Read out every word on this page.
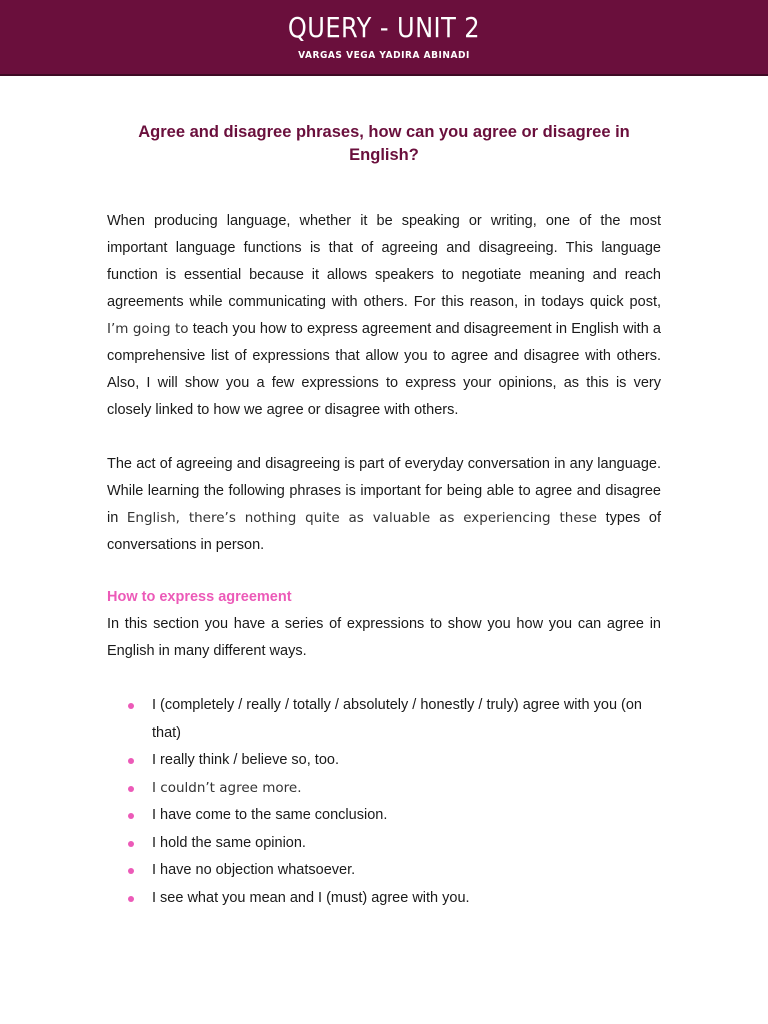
QUERY - UNIT 2
VARGAS VEGA YADIRA ABINADI
Agree and disagree phrases, how can you agree or disagree in English?

When producing language, whether it be speaking or writing, one of the most important language functions is that of agreeing and disagreeing. This language function is essential because it allows speakers to negotiate meaning and reach agreements while communicating with others. For this reason, in todays quick post, I’m going to teach you how to express agreement and disagreement in English with a comprehensive list of expressions that allow you to agree and disagree with others. Also, I will show you a few expressions to express your opinions, as this is very closely linked to how we agree or disagree with others.

The act of agreeing and disagreeing is part of everyday conversation in any language. While learning the following phrases is important for being able to agree and disagree in English, there’s nothing quite as valuable as experiencing these types of conversations in person.

How to express agreement

In this section you have a series of expressions to show you how you can agree in English in many different ways.

I (completely / really / totally / absolutely / honestly / truly) agree with you (on that)
I really think / believe so, too.
I couldn’t agree more.
I have come to the same conclusion.
I hold the same opinion.
I have no objection whatsoever.
I see what you mean and I (must) agree with you.
